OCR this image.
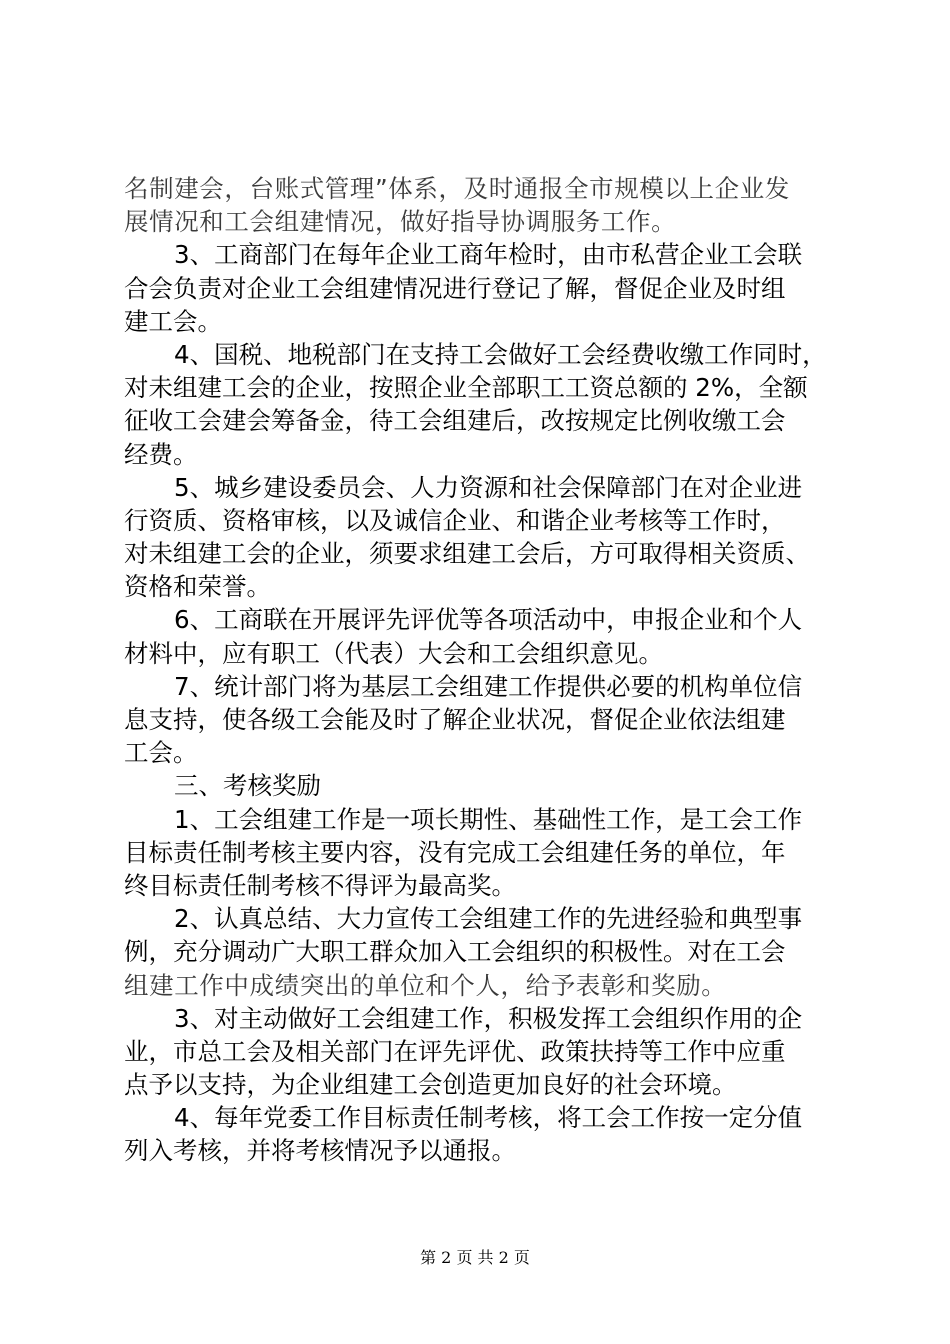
名制建会，台账式管理”体系，及时通报全市规模以上企业发
展情况和工会组建情况，做好指导协调服务工作。
3、工商部门在每年企业工商年检时，由市私营企业工会联
合会负责对企业工会组建情况进行登记了解，督促企业及时组
建工会。
4、国税、地税部门在支持工会做好工会经费收缴工作同时，
对未组建工会的企业，按照企业全部职工工资总额的 2%，全额
征收工会建会筹备金，待工会组建后，改按规定比例收缴工会
经费。
5、城乡建设委员会、人力资源和社会保障部门在对企业进
行资质、资格审核，以及诚信企业、和谐企业考核等工作时，
对未组建工会的企业，须要求组建工会后，方可取得相关资质、
资格和荣誉。
6、工商联在开展评先评优等各项活动中，申报企业和个人
材料中，应有职工（代表）大会和工会组织意见。
7、统计部门将为基层工会组建工作提供必要的机构单位信
息支持，使各级工会能及时了解企业状况，督促企业依法组建
工会。
三、考核奖励
1、工会组建工作是一项长期性、基础性工作，是工会工作
目标责任制考核主要内容，没有完成工会组建任务的单位，年
终目标责任制考核不得评为最高奖。
2、认真总结、大力宣传工会组建工作的先进经验和典型事
例，充分调动广大职工群众加入工会组织的积极性。对在工会
组建工作中成绩突出的单位和个人，给予表彰和奖励。
3、对主动做好工会组建工作，积极发挥工会组织作用的企
业，市总工会及相关部门在评先评优、政策扶持等工作中应重
点予以支持，为企业组建工会创造更加良好的社会环境。
4、每年党委工作目标责任制考核，将工会工作按一定分值
列入考核，并将考核情况予以通报。
第 2 页 共 2 页
